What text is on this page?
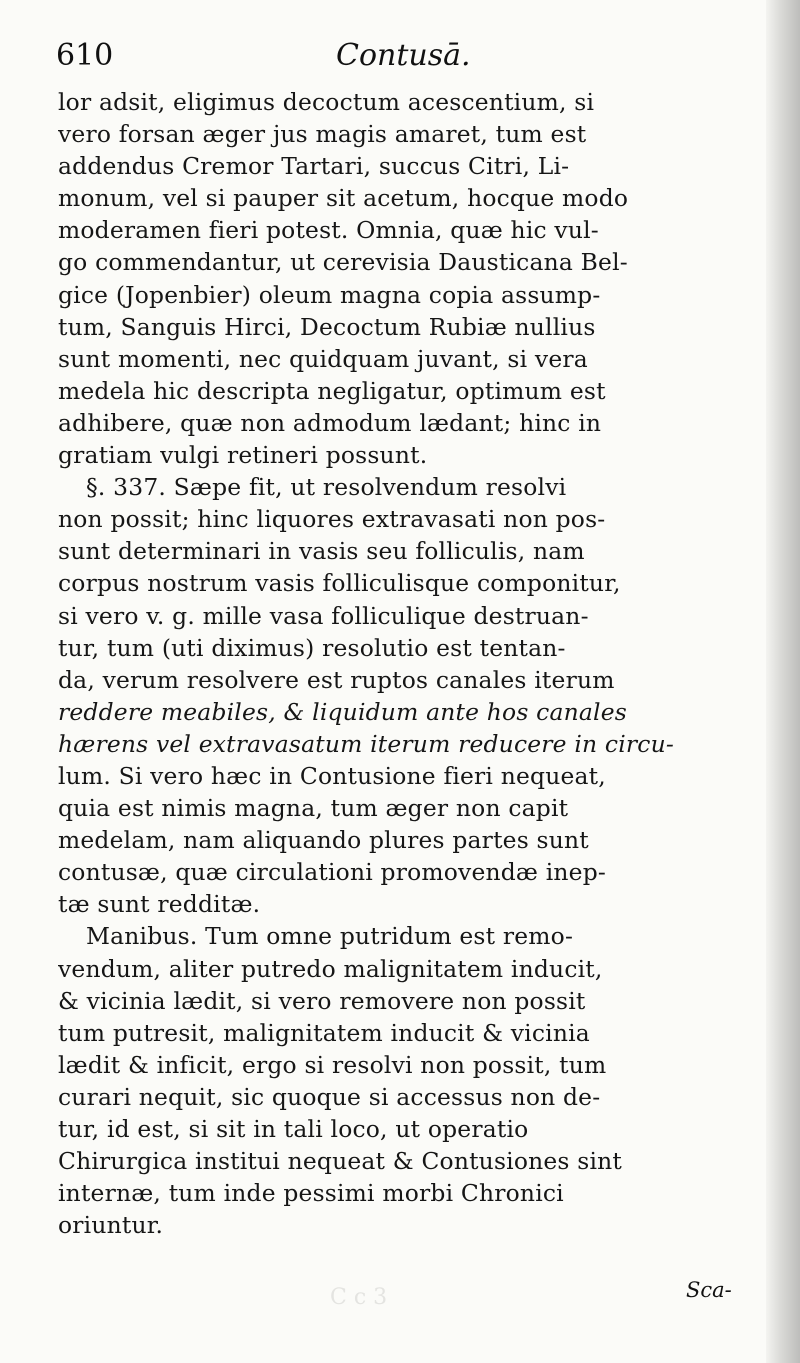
610	Contusā.
lor adsit, eligimus decoctum acescentium, si
vero forsan æger jus magis amaret, tum est
addendus Cremor Tartari, succus Citri, Li-
monum, vel si pauper sit acetum, hocque modo
moderamen fieri potest. Omnia, quæ hic vul-
go commendantur, ut cerevisia Dausticana Bel-
gice (Jopenbier) oleum magna copia assump-
tum, Sanguis Hirci, Decoctum Rubiæ nullius
sunt momenti, nec quidquam juvant, si vera
medela hic descripta negligatur, optimum est
adhibere, quæ non admodum lædant; hinc in
gratiam vulgi retineri possunt.
§. 337. Sæpe fit, ut resolvendum resolvi
non possit; hinc liquores extravasati non pos-
sunt determinari in vasis seu folliculis, nam
corpus nostrum vasis folliculisque componitur,
si vero v. g. mille vasa folliculique destruan-
tur, tum (uti diximus) resolutio est tentan-
da, verum resolvere est ruptos canales iterum
reddere meabiles, & liquidum ante hos canales
hærens vel extravasatum iterum reducere in circu-
lum. Si vero hæc in Contusione fieri nequeat,
quia est nimis magna, tum æger non capit
medelam, nam aliquando plures partes sunt
contusæ, quæ circulationi promovendæ inep-
tæ sunt redditæ.
Manibus. Tum omne putridum est remo-
vendum, aliter putredo malignitatem inducit,
& vicinia lædit, si vero removere non possit
tum putresit, malignitatem inducit & vicinia
lædit & inficit, ergo si resolvi non possit, tum
curari nequit, sic quoque si accessus non de-
tur, id est, si sit in tali loco, ut operatio
Chirurgica institui nequeat & Contusiones sint
internæ, tum inde pessimi morbi Chronici
oriuntur.
C c 3	Sca-
